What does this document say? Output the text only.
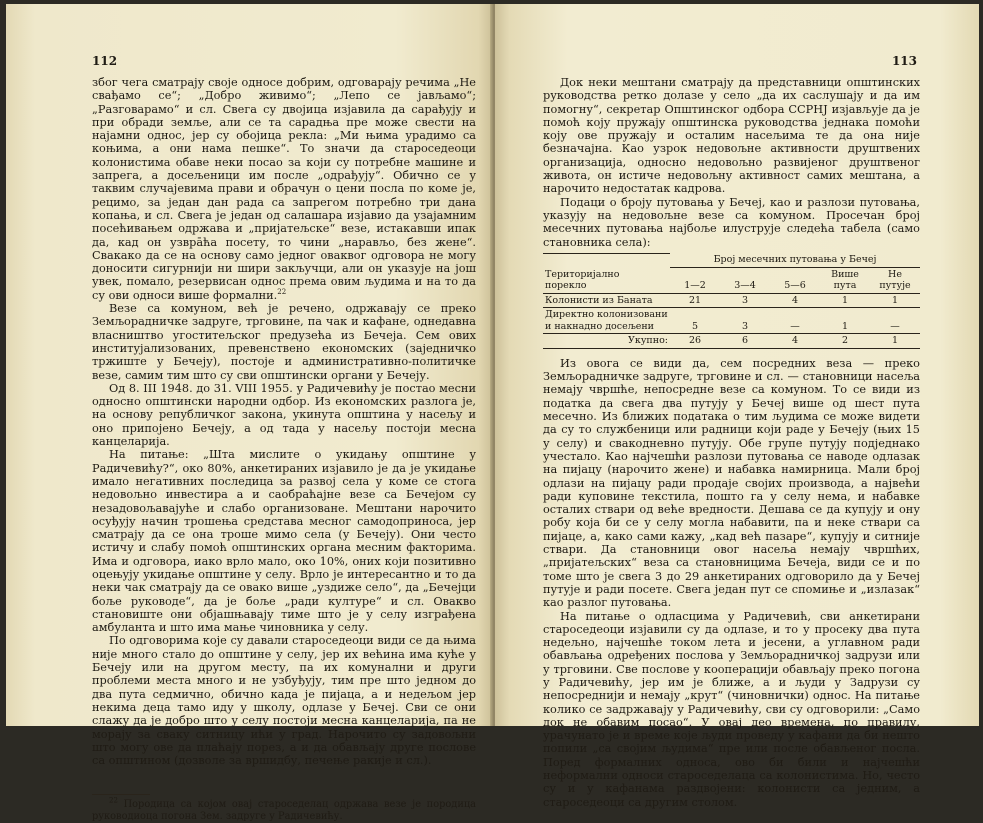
112

због чега сматрају своје односе добрим, одговарају речима „Не свађамо се“; „Добро живимо“; „Лепо се јављамо“; „Разговарамо“ и сл. Свега су двојица изјавила да сарађују и при обради земље, али се та сарадња пре може свести на најамни однос, јер су обојица рекла: „Ми њима урадимо са коњима, а они нама пешке“. То значи да староседеоци колонистима обаве неки посао за који су потребне машине и запрега, а досељеници им после „одрађују“. Обично се у таквим случајевима прави и обрачун о цени посла по коме је, рецимо, за један дан рада са запрегом потребно три дана копања, и сл. Свега је један од салашара изјавио да узајамним посећивањем одржава и „пријатељске“ везе, истакавши ипак да, кад он узврāћа посету, то чини „нарављо, без жене“. Свакако да се на основу само једног оваквог одговора не могу доносити сигурнији ни шири закључци, али он указује на још увек, помало, резервисан однос према овим људима и на то да су ови односи више формални.$^{22}$

Везе са комуном, већ је речено, одржавају се преко Земљорадничке задруге, трговине, па чак и кафане, однедавна власништво угоститељског предузећа из Бечеја. Сем ових институјализованих, превенствено економских (заједничко тржиште у Бечеју), постоје и административно-политичке везе, самим тим што су сви општински органи у Бечеју.

Од 8. III 1948. до 31. VIII 1955. у Радичевићу је постао месни односно општински народни одбор. Из економских разлога је, на основу републичког закона, укинута општина у насељу и оно припојено Бечеју, а од тада у насељу постоји месна канцеларија.

На питање: „Шта мислите о укидању општине у Радичевићу?“, око 80%, анкетираних изјавило је да је укидање имало негативних последица за развој села у коме се стога недовољно инвестира а и саобраћајне везе са Бечејом су незадовољавајуће и слабо организоване. Мештани нарочито осуђују начин трошења средстава месног самодоприноса, јер сматрају да се она троше мимо села (у Бечеју). Они често истичу и слабу помоћ општинских органа месним факторима. Има и одговора, иако врло мало, око 10%, оних који позитивно оцењују укидање општине у селу. Врло је интересантно и то да неки чак сматрају да се овако више „уздиже село“, да „Бечејци боље руководе“, да је боље „ради културе“ и сл. Овакво становиште они објашњавају тиме што је у селу изграђена амбуланта и што има мање чиновника у селу.

По одговорима које су давали староседеоци види се да њима није много стало до општине у селу, јер их већина има куће у Бечеју или на другом месту, па их комунални и други проблеми места много и не узбуђују, тим пре што једном до два пута седмично, обично када је пијаца, а и недељом јер некима деца тамо иду у школу, одлазе у Бечеј. Сви се они слажу да је добро што у селу постоји месна канцеларија, па не морају за сваку ситницу ићи у град. Нарочито су задовољни што могу ове да плаћају порез, а и да обављају друге послове са општином (дозволе за вршидбу, печење ракије и сл.).

$^{22}$ Породица са којом овај староседелац одржава везе је породица руководиоца погона Зем. задруге у Радичевићу.

113

Док неки мештани сматрају да представници општинских руководства ретко долазе у село „да их саслушају и да им помогну“, секретар Општинског одбора ССРНЈ изјављује да је помоћ коју пружају општинска руководства једнака помоћи коју ове пружају и осталим насељима те да она није безначајна. Као узрок недовољне активности друштвених организација, односно недовољно развијеног друштвеног живота, он истиче недовољну активност самих мештана, а нарочито недостатак кадрова.

Подаци о броју путовања у Бечеј, као и разлози путовања, указују на недовољне везе са комуном. Просечан број месечних путовања најбоље илуструје следећа табела (само становника села):

Територијално
порекло	Број месечних путовања у Бечеј				
	1—2	3—4	5—6	Више пута	Не путује
Колонисти из Баната	21	3	4	1	1
Директно колонизовани и накнадно досељени	5	3	—	1	—
Укупно:	26	6	4	2	1

Из овога се види да, сем посредних веза — преко Земљорадничке задруге, трговине и сл. — становници насеља немају чвршће, непосредне везе са комуном. То се види из податка да свега два путују у Бечеј више од шест пута месечно. Из ближих података о тим људима се може видети да су то службеници или радници који раде у Бечеју (њих 15 у селу) и свакодневно путују. Обе групе путују подједнако учестало. Као најчешћи разлози путовања се наводе одлазак на пијацу (нарочито жене) и набавка намирница. Мали број одлази на пијацу ради продаје својих производа, а највећи ради куповине текстила, пошто га у селу нема, и набавке осталих ствари од веће вредности. Дешава се да купују и ону робу која би се у селу могла набавити, па и неке ствари са пијаце, а, како сами кажу, „кад већ пазаре“, купују и ситније ствари. Да становници овог насеља немају чвршћих, „пријатељских“ веза са становницима Бечеја, види се и по томе што је свега 3 до 29 анкетираних одговорило да у Бечеј путује и ради посете. Свега један пут се спомиње и „излазак“ као разлог путовања.

На питање о одласцима у Радичевић, сви анкетирани староседеоци изјавили су да одлазе, и то у просеку два пута недељно, најчешће током лета и јесени, а углавном ради обављања одређених послова у Земљорадничкој задрузи или у трговини. Све послове у кооперацији обављају преко погона у Радичевићу, јер им је ближе, а и људи у Задрузи су непосреднији и немају „крут“ (чиновнички) однос. На питање колико се задржавају у Радичевићу, сви су одговорили: „Само док не обавим посао“. У овај део времена, по правилу, урачунато је и време које људи проведу у кафани да би нешто попили „са својим људима“ пре или после обављеног посла. Поред формалних односа, ово би били и најчешћи неформални односи староседелаца са колонистима. Но, често су и у кафанама раздвојени: колонисти са једним, а староседеоци са другим столом.
